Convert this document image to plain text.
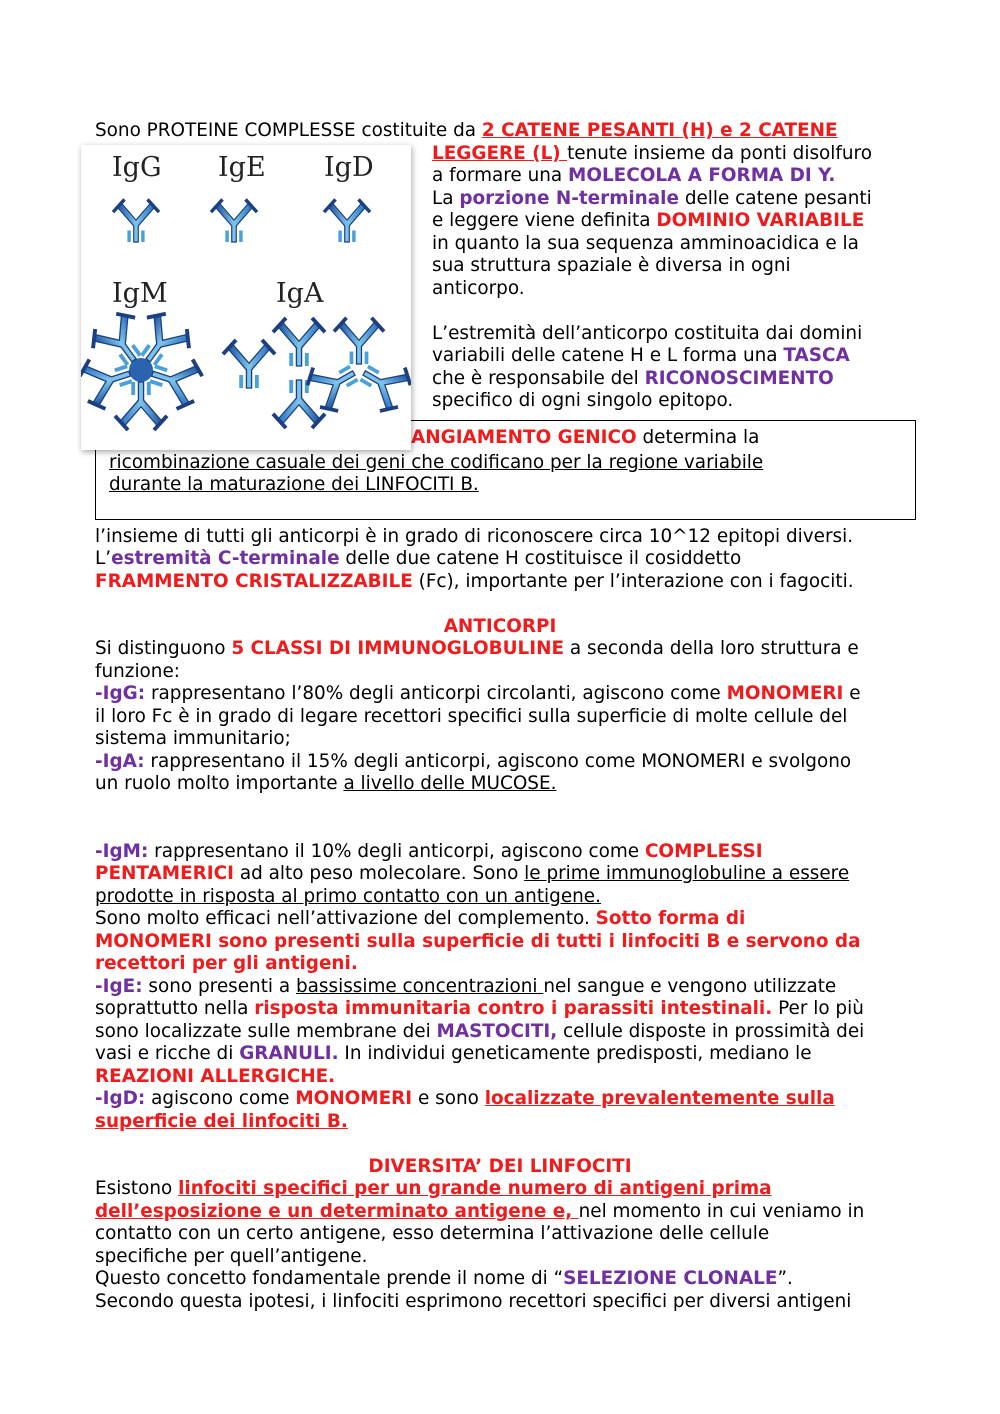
IgG IgE IgD
IgM	IgA
Sono PROTEINE COMPLESSE costituite da 2 CATENE PESANTI (H) e 2 CATENE
LEGGERE (L) tenute insieme da ponti disolfuro
a formare una MOLECOLA A FORMA DI Y.
La porzione N-terminale delle catene pesanti
e leggere viene definita DOMINIO VARIABILE
in quanto la sua sequenza amminoacidica e la
sua struttura spaziale è diversa in ogni
anticorpo.
L’estremità dell’anticorpo costituita dai domini
variabili delle catene H e L forma una TASCA
che è responsabile del RICONOSCIMENTO
specifico di ogni singolo epitopo.
ANGIAMENTO GENICO determina la
ricombinazione casuale dei geni che codificano per la regione variabile
durante la maturazione dei LINFOCITI B.
l’insieme di tutti gli anticorpi è in grado di riconoscere circa 10^12 epitopi diversi.
L’estremità C-terminale delle due catene H costituisce il cosiddetto
FRAMMENTO CRISTALIZZABILE (Fc), importante per l’interazione con i fagociti.
ANTICORPI
Si distinguono 5 CLASSI DI IMMUNOGLOBULINE a seconda della loro struttura e
funzione:
-IgG: rappresentano l’80% degli anticorpi circolanti, agiscono come MONOMERI e
il loro Fc è in grado di legare recettori specifici sulla superficie di molte cellule del
sistema immunitario;
-IgA: rappresentano il 15% degli anticorpi, agiscono come MONOMERI e svolgono
un ruolo molto importante a livello delle MUCOSE.
-IgM: rappresentano il 10% degli anticorpi, agiscono come COMPLESSI
PENTAMERICI ad alto peso molecolare. Sono le prime immunoglobuline a essere
prodotte in risposta al primo contatto con un antigene.
Sono molto efficaci nell’attivazione del complemento. Sotto forma di
MONOMERI sono presenti sulla superficie di tutti i linfociti B e servono da
recettori per gli antigeni.
-IgE: sono presenti a bassissime concentrazioni nel sangue e vengono utilizzate
soprattutto nella risposta immunitaria contro i parassiti intestinali. Per lo più
sono localizzate sulle membrane dei MASTOCITI, cellule disposte in prossimità dei
vasi e ricche di GRANULI. In individui geneticamente predisposti, mediano le
REAZIONI ALLERGICHE.
-IgD: agiscono come MONOMERI e sono localizzate prevalentemente sulla
superficie dei linfociti B.
DIVERSITA’ DEI LINFOCITI
Esistono linfociti specifici per un grande numero di antigeni prima
dell’esposizione e un determinato antigene e, nel momento in cui veniamo in
contatto con un certo antigene, esso determina l’attivazione delle cellule
specifiche per quell’antigene.
Questo concetto fondamentale prende il nome di “SELEZIONE CLONALE”.
Secondo questa ipotesi, i linfociti esprimono recettori specifici per diversi antigeni
